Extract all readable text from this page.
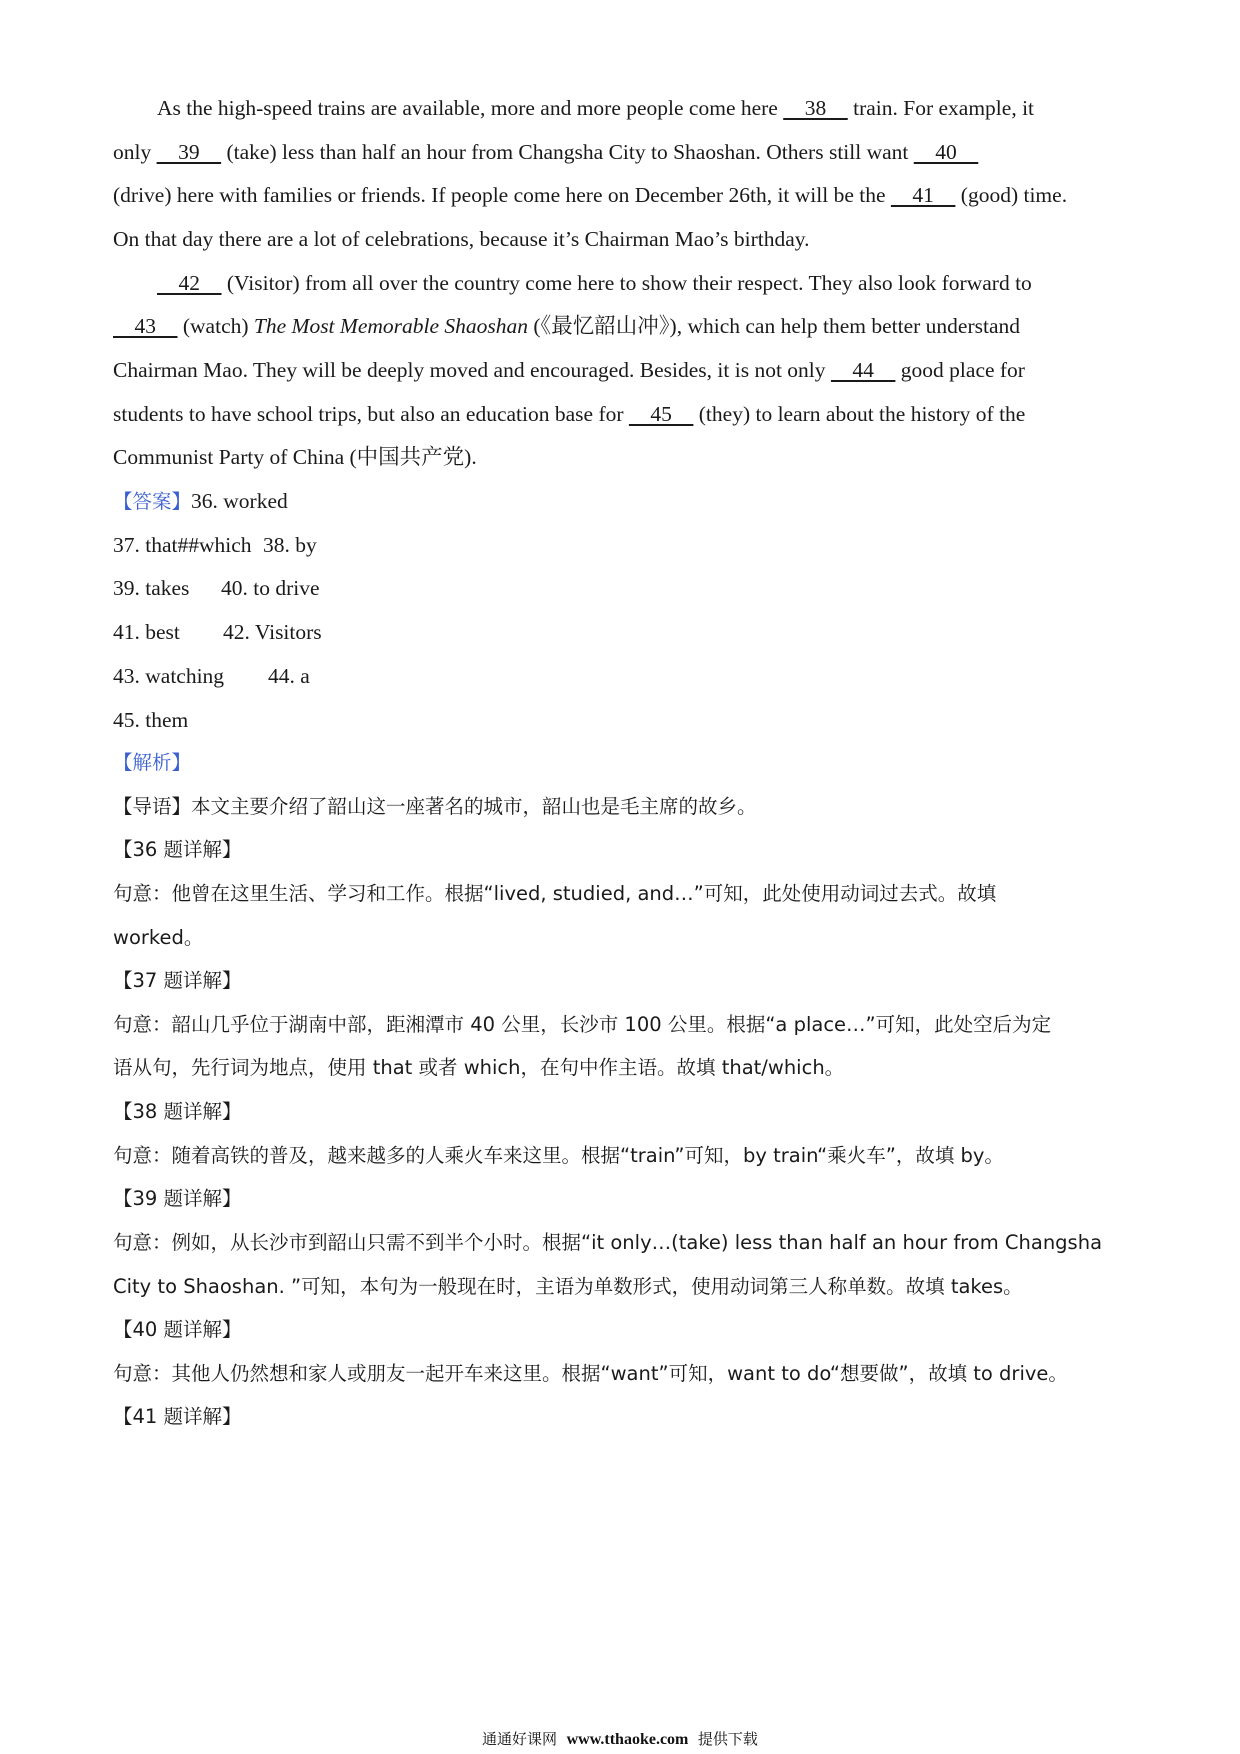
As the high-speed trains are available, more and more people come here     38     train. For example, it
only     39     (take) less than half an hour from Changsha City to Shaoshan. Others still want     40
(drive) here with families or friends. If people come here on December 26th, it will be the     41     (good) time.
On that day there are a lot of celebrations, because it’s Chairman Mao’s birthday.
42     (Visitor) from all over the country come here to show their respect. They also look forward to
43     (watch) The Most Memorable Shaoshan (《最忆韶山冲》), which can help them better understand
Chairman Mao. They will be deeply moved and encouraged. Besides, it is not only     44     good place for
students to have school trips, but also an education base for     45     (they) to learn about the history of the
Communist Party of China (中国共产党).
【答案】36. worked
37. that##which 38. by
39. takes 40. to drive
41. best 42. Visitors
43. watching 44. a
45. them
【解析】
【导语】本文主要介绍了韶山这一座著名的城市，韶山也是毛主席的故乡。
【36 题详解】
句意：他曾在这里生活、学习和工作。根据“lived, studied, and…”可知，此处使用动词过去式。故填
worked。
【37 题详解】
句意：韶山几乎位于湖南中部，距湘潭市 40 公里，长沙市 100 公里。根据“a place…”可知，此处空后为定
语从句，先行词为地点，使用 that 或者 which，在句中作主语。故填 that/which。
【38 题详解】
句意：随着高铁的普及，越来越多的人乘火车来这里。根据“train”可知，by train“乘火车”，故填 by。
【39 题详解】
句意：例如，从长沙市到韶山只需不到半个小时。根据“it only…(take) less than half an hour from Changsha
City to Shaoshan. ”可知，本句为一般现在时，主语为单数形式，使用动词第三人称单数。故填 takes。
【40 题详解】
句意：其他人仍然想和家人或朋友一起开车来这里。根据“want”可知，want to do“想要做”，故填 to drive。
【41 题详解】
通通好课网 www.tthaoke.com 提供下载
